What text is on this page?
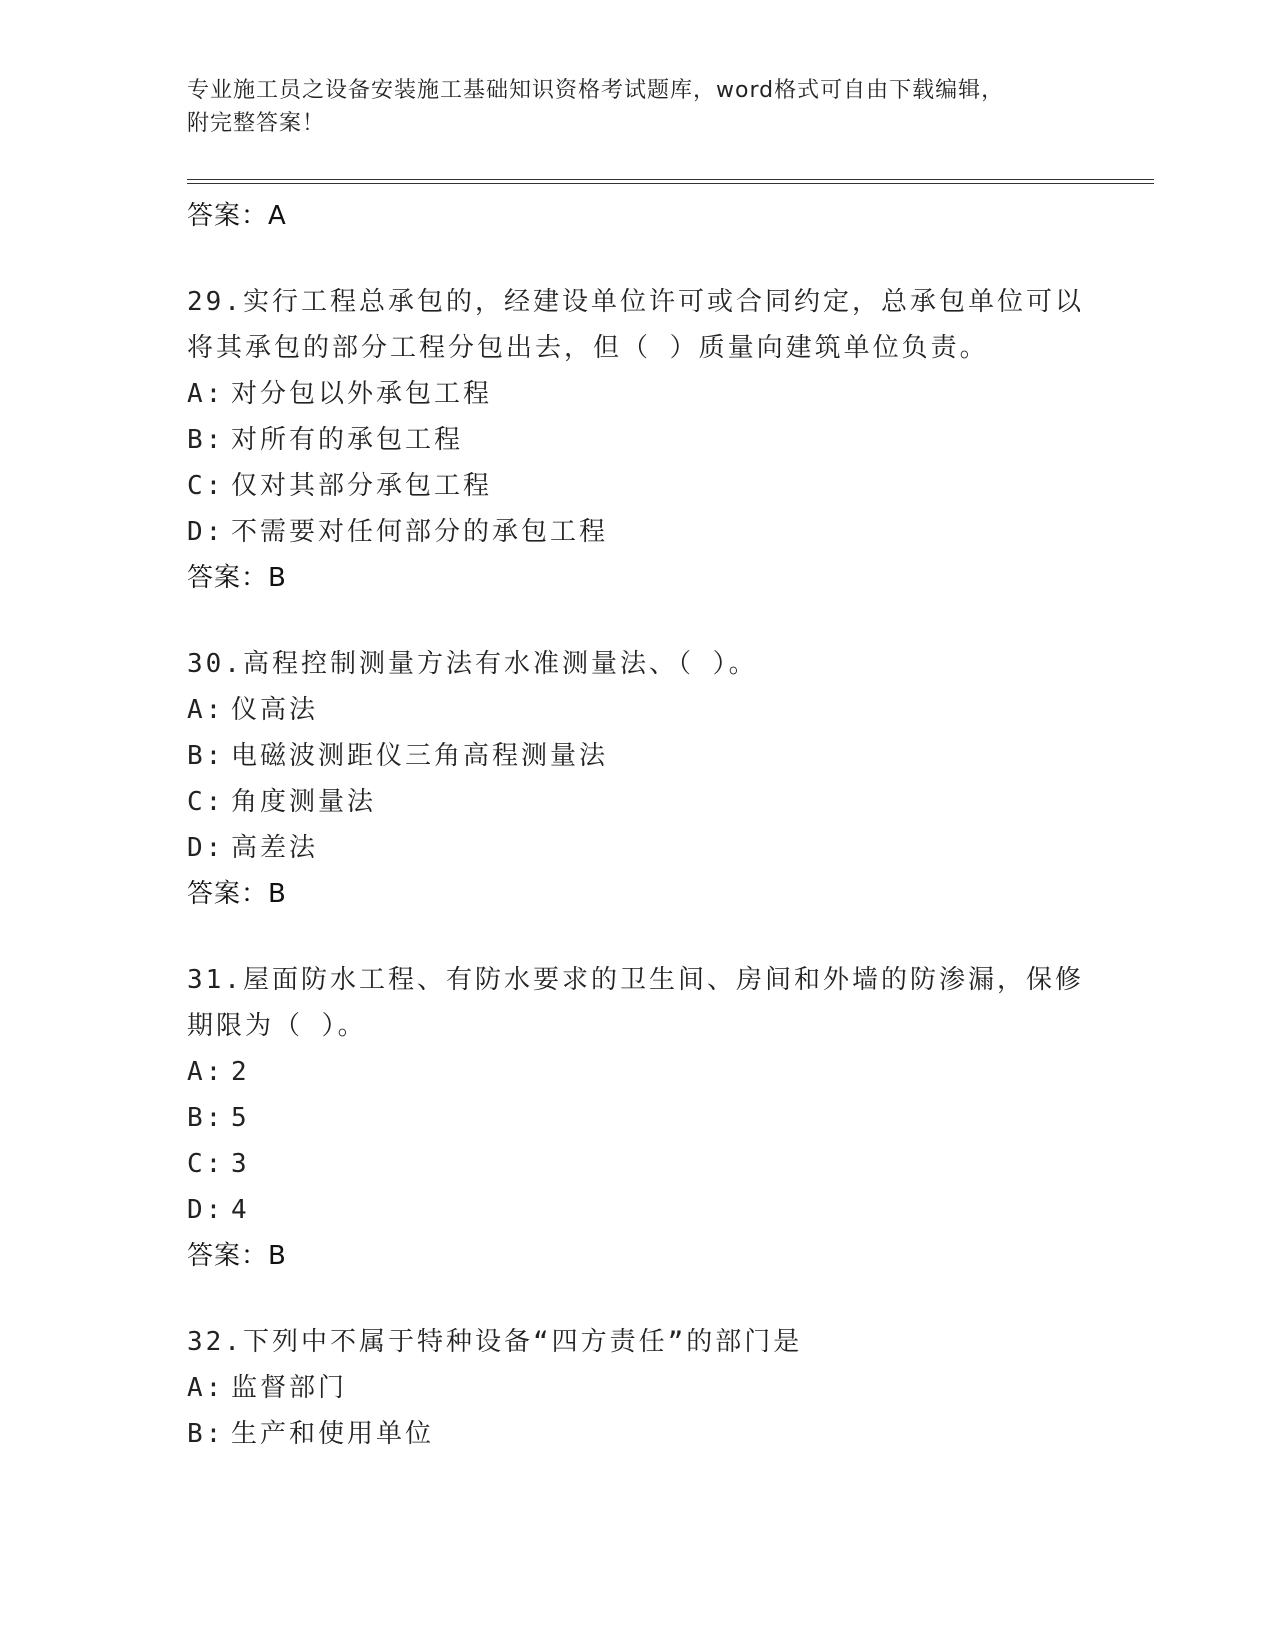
专业施工员之设备安装施工基础知识资格考试题库，word格式可自由下载编辑，
附完整答案！
答案：A
29.实行工程总承包的，经建设单位许可或合同约定，总承包单位可以
将其承包的部分工程分包出去，但（ ）质量向建筑单位负责。
A: 对分包以外承包工程
B: 对所有的承包工程
C: 仅对其部分承包工程
D: 不需要对任何部分的承包工程
答案：B
30.高程控制测量方法有水准测量法、（ ）。
A: 仪高法
B: 电磁波测距仪三角高程测量法
C: 角度测量法
D: 高差法
答案：B
31.屋面防水工程、有防水要求的卫生间、房间和外墙的防渗漏，保修
期限为（ ）。
A: 2
B: 5
C: 3
D: 4
答案：B
32.下列中不属于特种设备“四方责任”的部门是
A: 监督部门
B: 生产和使用单位
